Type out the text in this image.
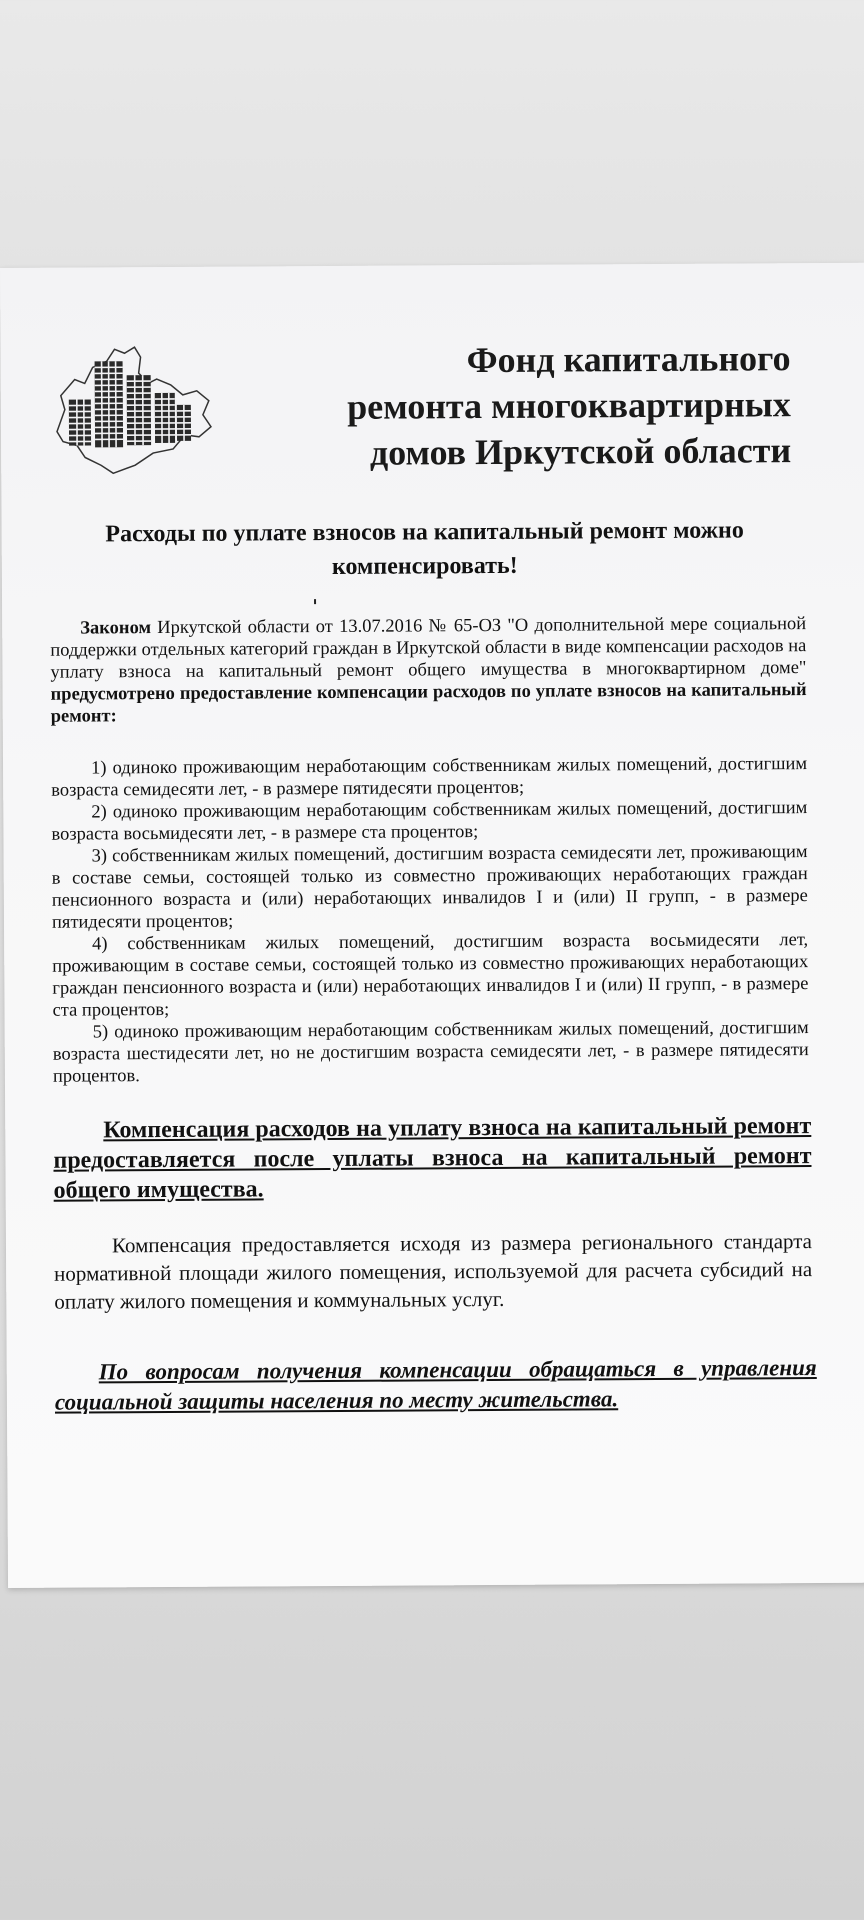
Фонд капитального
ремонта многоквартирных
домов Иркутской области
Расходы по уплате взносов на капитальный ремонт можно
компенсировать!

Законом Иркутской области от 13.07.2016 № 65-ОЗ "О дополнительной мере социальной поддержки отдельных категорий граждан в Иркутской области в виде компенсации расходов на уплату взноса на капитальный ремонт общего имущества в многоквартирном доме" предусмотрено предоставление компенсации расходов по уплате взносов на капитальный ремонт:

1) одиноко проживающим неработающим собственникам жилых помещений, достигшим возраста семидесяти лет, - в размере пятидесяти процентов;

2) одиноко проживающим неработающим собственникам жилых помещений, достигшим возраста восьмидесяти лет, - в размере ста процентов;

3) собственникам жилых помещений, достигшим возраста семидесяти лет, проживающим в составе семьи, состоящей только из совместно проживающих неработающих граждан пенсионного возраста и (или) неработающих инвалидов I и (или) II групп, - в размере пятидесяти процентов;

4) собственникам жилых помещений, достигшим возраста восьмидесяти лет, проживающим в составе семьи, состоящей только из совместно проживающих неработающих граждан пенсионного возраста и (или) неработающих инвалидов I и (или) II групп, - в размере ста процентов;

5) одиноко проживающим неработающим собственникам жилых помещений, достигшим возраста шестидесяти лет, но не достигшим возраста семидесяти лет, - в размере пятидесяти процентов.

Компенсация расходов на уплату взноса на капитальный ремонт предоставляется после уплаты взноса на капитальный ремонт общего имущества.
Компенсация предоставляется исходя из размера регионального стандарта нормативной площади жилого помещения, используемой для расчета субсидий на оплату жилого помещения и коммунальных услуг.
По вопросам получения компенсации обращаться в управления социальной защиты населения по месту жительства.
